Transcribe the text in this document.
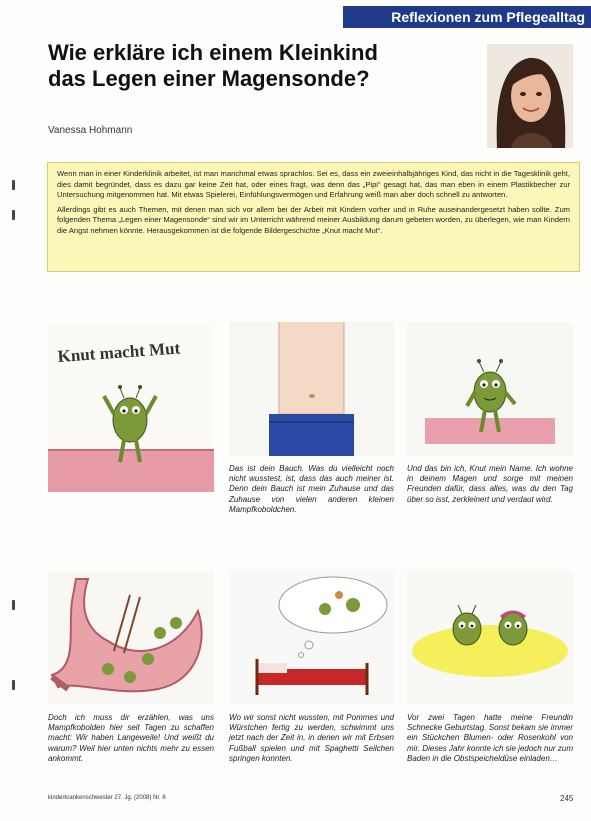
Reflexionen zum Pflegealltag
Wie erkläre ich einem Kleinkind
das Legen einer Magensonde?
Vanessa Hohmann

Wenn man in einer Kinderklinik arbeitet, ist man manchmal etwas sprachlos. Sei es, dass ein zweieinhalbjähriges Kind, das nicht in die Tagesklinik geht, dies damit begründet, dass es dazu gar keine Zeit hat, oder eines fragt, was denn das „Pipi“ gesagt hat, das man eben in einem Plastikbecher zur Untersuchung mitgenommen hat. Mit etwas Spielerei, Einfühlungsvermögen und Erfahrung weiß man aber doch schnell zu antworten.

Allerdings gibt es auch Themen, mit denen man sich vor allem bei der Arbeit mit Kindern vorher und in Ruhe auseinandergesetzt haben sollte. Zum folgenden Thema „Legen einer Magensonde“ sind wir im Unterricht während meiner Ausbildung darum gebeten worden, zu überlegen, wie man Kindern die Angst nehmen könnte. Herausgekommen ist die folgende Bildergeschichte „Knut macht Mut“.

Knut macht Mut

Das ist dein Bauch. Was du vielleicht noch nicht wusstest, ist, dass das auch meiner ist. Denn dein Bauch ist mein Zuhause und das Zuhause von vielen anderen kleinen Mampfkoboldchen.

Und das bin ich, Knut mein Name. Ich wohne in deinem Magen und sorge mit meinen Freunden dafür, dass alles, was du den Tag über so isst, zerkleinert und verdaut wird.

Doch ich muss dir erzählen, was uns Mampfkobolden hier seit Tagen zu schaffen macht: Wir haben Langeweile! Und weißt du warum? Weil hier unten nichts mehr zu essen ankommt.

Wo wir sonst nicht wussten, mit Pommes und Würstchen fertig zu werden, schwimmt uns jetzt nach der Zeit in, in denen wir mit Erbsen Fußball spielen und mit Spaghetti Seilchen springen konnten.

Vor zwei Tagen hatte meine Freundin Schnecke Geburtstag. Sonst bekam sie immer ein Stückchen Blumen- oder Rosenkohl von mir. Dieses Jahr konnte ich sie jedoch nur zum Baden in die Obstspeicheldüse einladen…

kinderkrankenschwester 27. Jg. (2008) Nr. 6	245
